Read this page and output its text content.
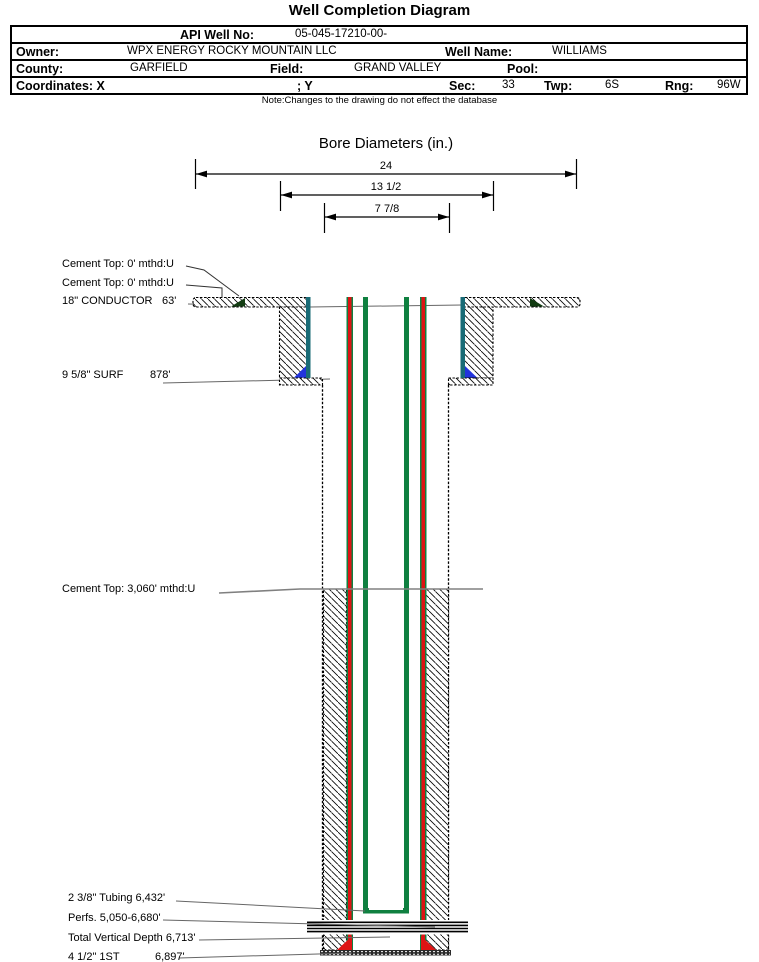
Well Completion Diagram
API Well No:	05-045-17210-00-
Owner:	WPX ENERGY ROCKY MOUNTAIN LLC	Well Name:	WILLIAMS
County:	GARFIELD	Field:	GRAND VALLEY	Pool:
Coordinates: X	; Y	Sec: 33 Twp:	6S	Rng: 96W
Note:Changes to the drawing do not effect the database
Bore Diameters (in.)
24
13 1/2
7 7/8
Cement Top: 0' mthd:U
Cement Top: 0' mthd:U
18" CONDUCTOR 63'
9 5/8" SURF 878'
Cement Top: 3,060' mthd:U
2 3/8" Tubing 6,432'
Perfs. 5,050-6,680'
Total Vertical Depth 6,713'
4 1/2" 1ST	6,897'
